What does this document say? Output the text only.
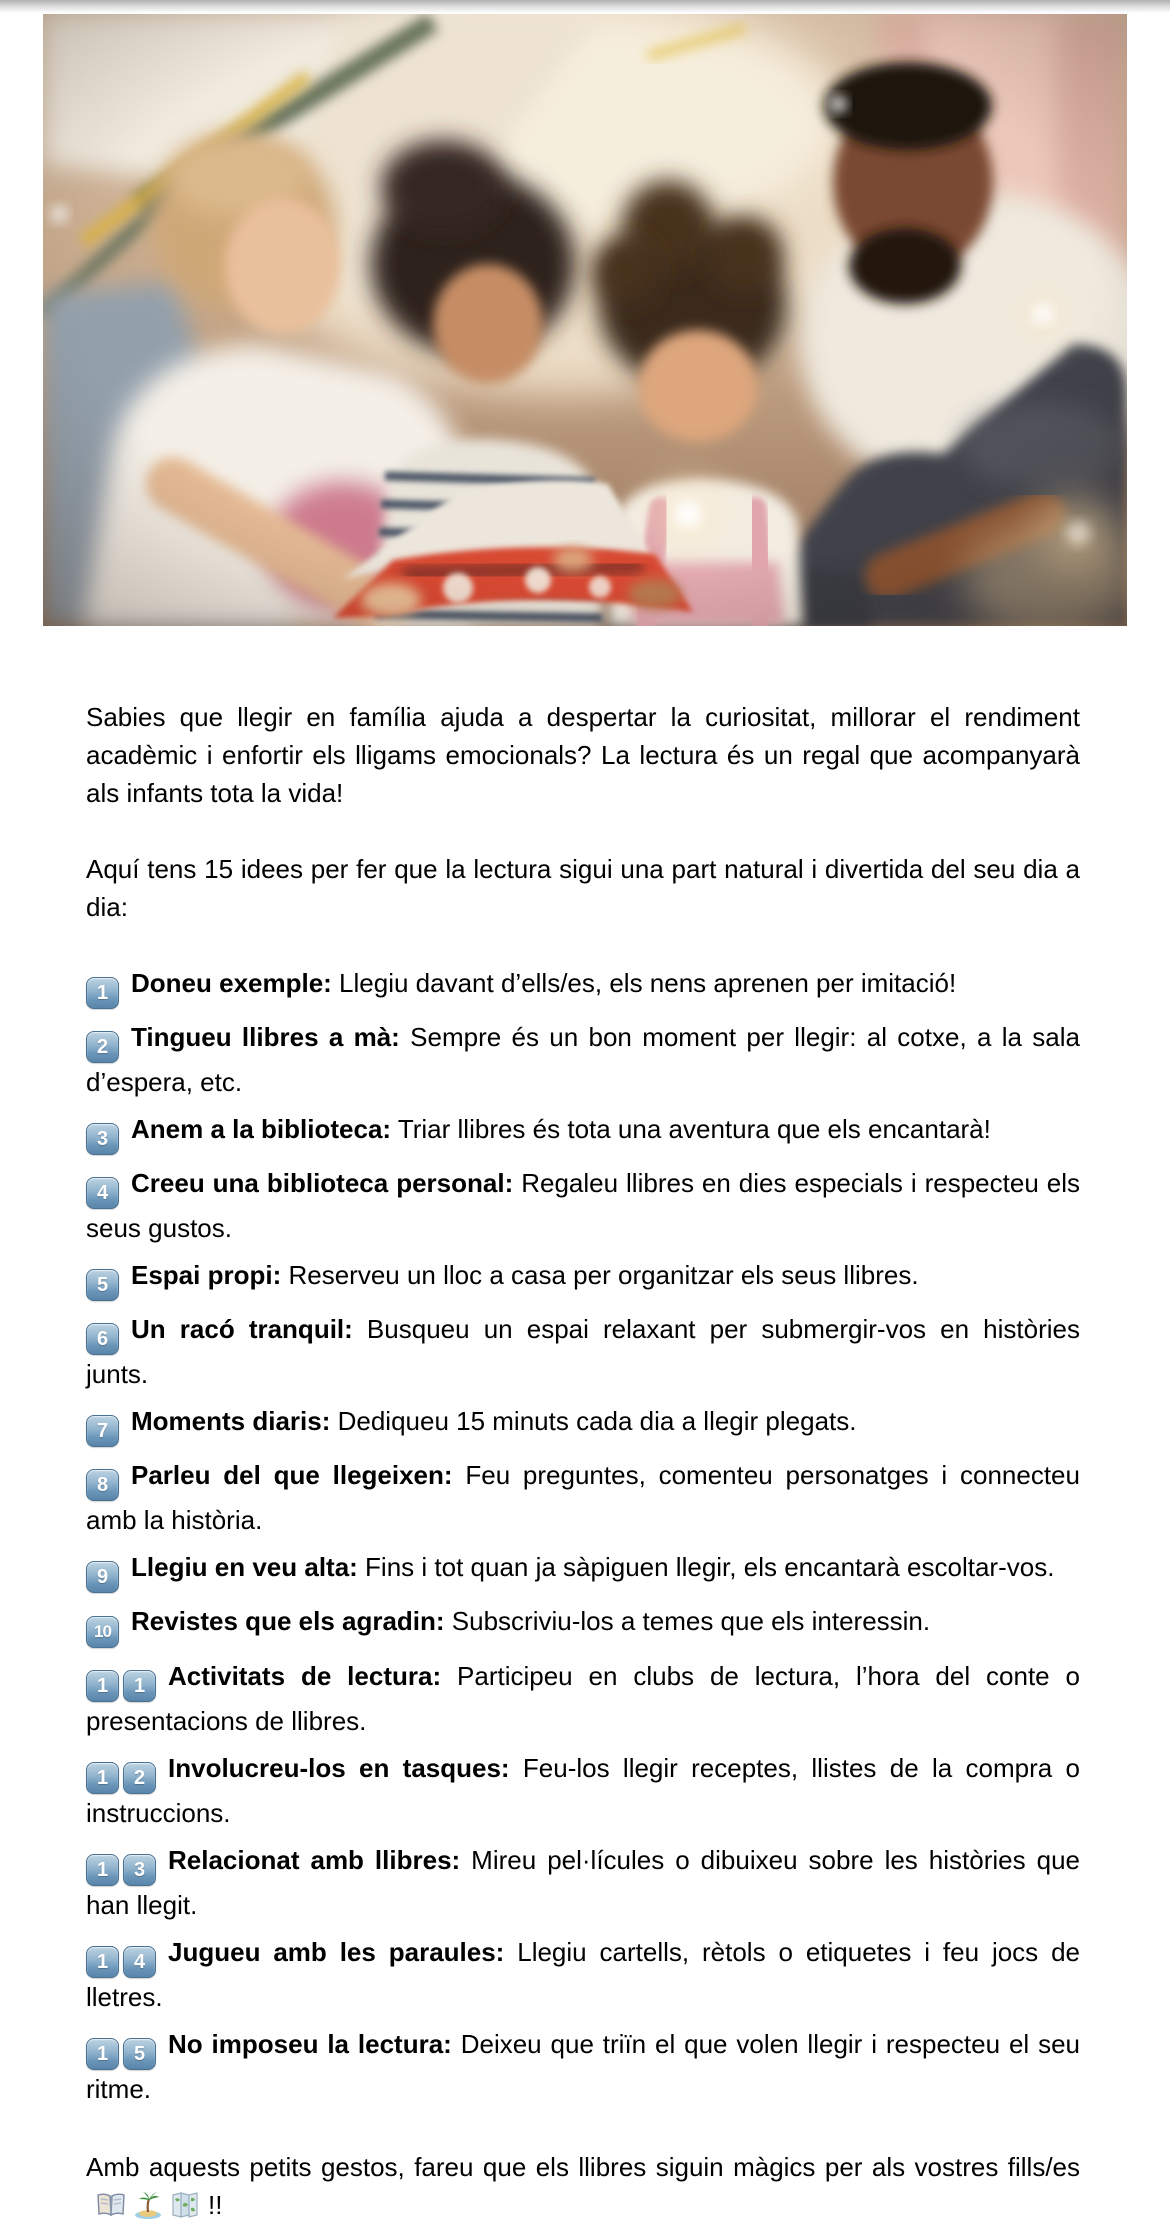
Sabies que llegir en família ajuda a despertar la curiositat, millorar el rendiment acadèmic i enfortir els lligams emocionals? La lectura és un regal que acompanyarà als infants tota la vida!

Aquí tens 15 idees per fer que la lectura sigui una part natural i divertida del seu dia a dia:

1 Doneu exemple: Llegiu davant d’ells/es, els nens aprenen per imitació!

2 Tingueu llibres a mà: Sempre és un bon moment per llegir: al cotxe, a la sala d’espera, etc.

3 Anem a la biblioteca: Triar llibres és tota una aventura que els encantarà!

4 Creeu una biblioteca personal: Regaleu llibres en dies especials i respecteu els seus gustos.

5 Espai propi: Reserveu un lloc a casa per organitzar els seus llibres.

6 Un racó tranquil: Busqueu un espai relaxant per submergir-vos en històries junts.

7 Moments diaris: Dediqueu 15 minuts cada dia a llegir plegats.

8 Parleu del que llegeixen: Feu preguntes, comenteu personatges i connecteu amb la història.

9 Llegiu en veu alta: Fins i tot quan ja sàpiguen llegir, els encantarà escoltar-vos.

10 Revistes que els agradin: Subscriviu-los a temes que els interessin.

1	1 Activitats de lectura: Participeu en clubs de lectura, l’hora del conte o presentacions de llibres.

1	2 Involucreu-los en tasques: Feu-los llegir receptes, llistes de la compra o instruccions.

1	3 Relacionat amb llibres: Mireu pel·lícules o dibuixeu sobre les històries que han llegit.

1	4 Jugueu amb les paraules: Llegiu cartells, rètols o etiquetes i feu jocs de lletres.

1	5 No imposeu la lectura: Deixeu que triïn el que volen llegir i respecteu el seu ritme.

Amb aquests petits gestos, fareu que els llibres siguin màgics per als vostres fills/es
!!
